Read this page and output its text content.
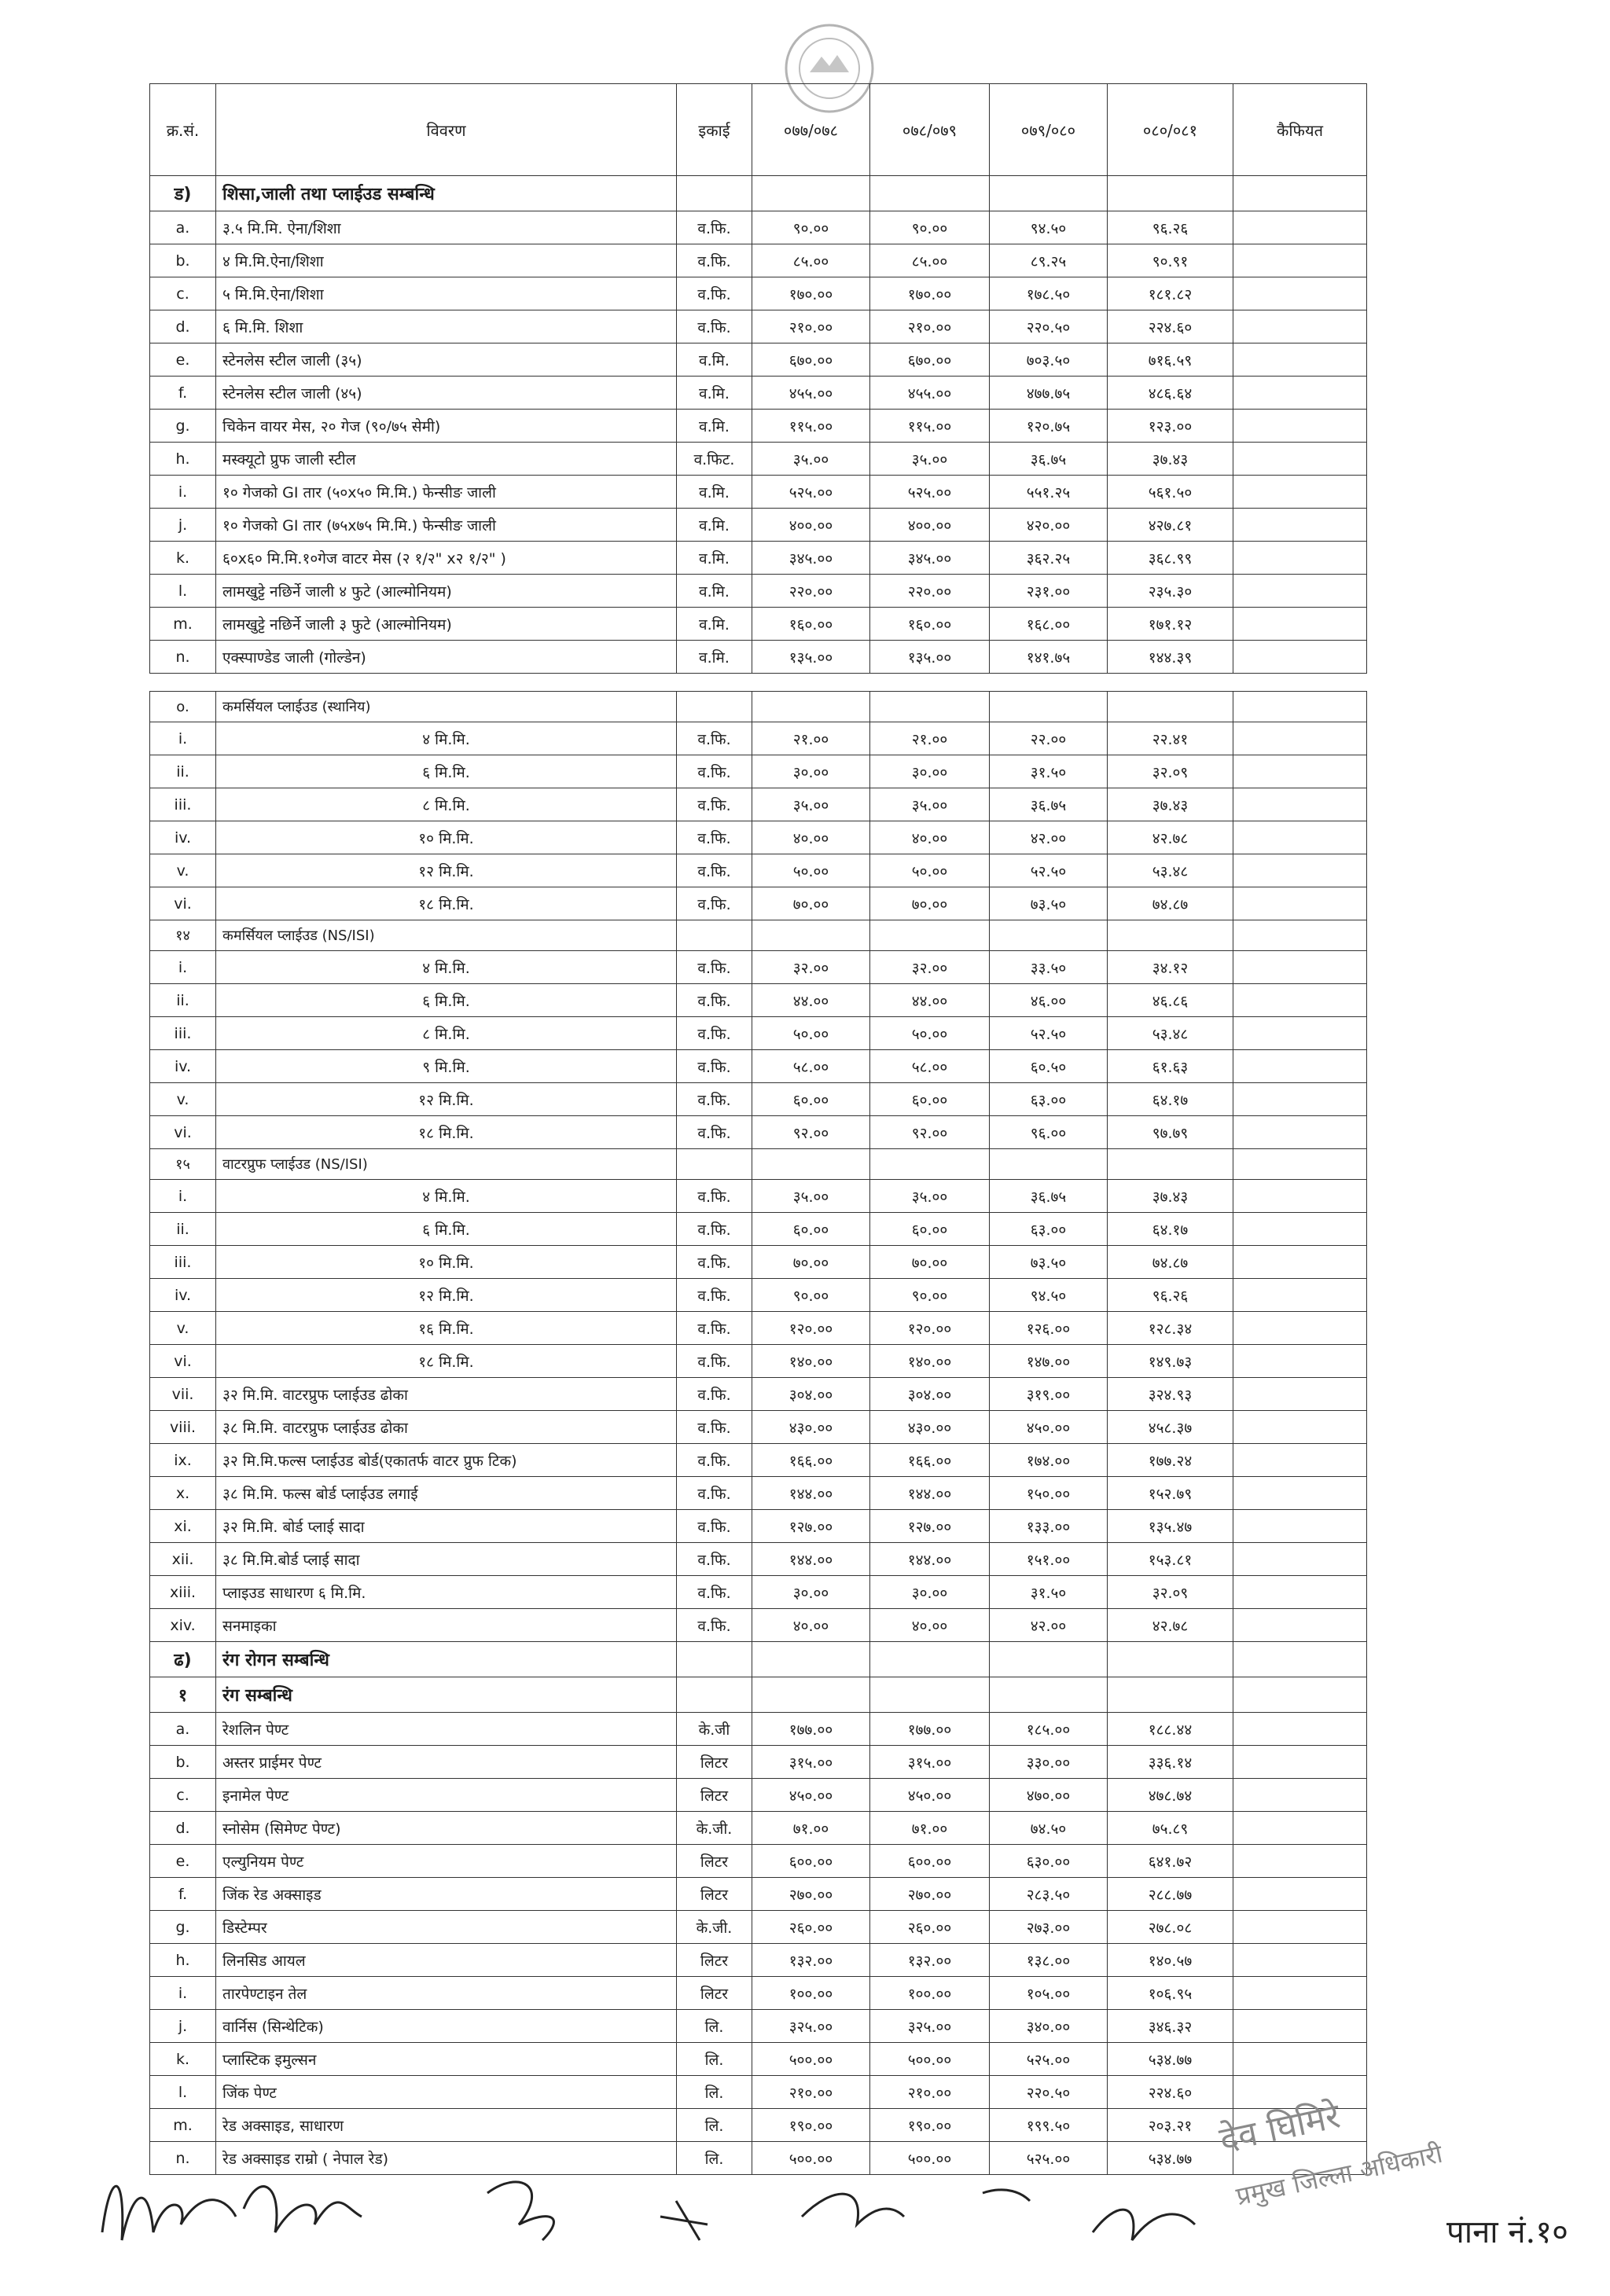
क्र.सं.	विवरण	इकाई	०७७/०७८	०७८/०७९	०७९/०८०	०८०/०८१	कैफियत
ड)	शिसा,जाली तथा प्लाईउड सम्बन्धि						
a.	३.५ मि.मि. ऐना/शिशा	व.फि.	९०.००	९०.००	९४.५०	९६.२६	
b.	४ मि.मि.ऐना/शिशा	व.फि.	८५.००	८५.००	८९.२५	९०.९१	
c.	५ मि.मि.ऐना/शिशा	व.फि.	१७०.००	१७०.००	१७८.५०	१८१.८२	
d.	६ मि.मि. शिशा	व.फि.	२१०.००	२१०.००	२२०.५०	२२४.६०	
e.	स्टेनलेस स्टील जाली (३५)	व.मि.	६७०.००	६७०.००	७०३.५०	७१६.५९	
f.	स्टेनलेस स्टील जाली (४५)	व.मि.	४५५.००	४५५.००	४७७.७५	४८६.६४	
g.	चिकेन वायर मेस, २० गेज (९०/७५ सेमी)	व.मि.	११५.००	११५.००	१२०.७५	१२३.००	
h.	मस्क्यूटो प्रुफ जाली स्टील	व.फिट.	३५.००	३५.००	३६.७५	३७.४३	
i.	१० गेजको GI तार (५०x५० मि.मि.) फेन्सीङ जाली	व.मि.	५२५.००	५२५.००	५५१.२५	५६१.५०	
j.	१० गेजको GI तार (७५x७५ मि.मि.) फेन्सीङ जाली	व.मि.	४००.००	४००.००	४२०.००	४२७.८१	
k.	६०x६० मि.मि.१०गेज वाटर मेस (२ १/२" x२ १/२" )	व.मि.	३४५.००	३४५.००	३६२.२५	३६८.९९	
l.	लामखुट्टे नछिर्ने जाली ४ फुटे (आल्मोनियम)	व.मि.	२२०.००	२२०.००	२३१.००	२३५.३०	
m.	लामखुट्टे नछिर्ने जाली ३ फुटे (आल्मोनियम)	व.मि.	१६०.००	१६०.००	१६८.००	१७१.१२	
n.	एक्स्पाण्डेड जाली (गोल्डेन)	व.मि.	१३५.००	१३५.००	१४१.७५	१४४.३९	

o.	कमर्सियल प्लाईउड (स्थानिय)						
i.	४ मि.मि.	व.फि.	२१.००	२१.००	२२.००	२२.४१	
ii.	६ मि.मि.	व.फि.	३०.००	३०.००	३१.५०	३२.०९	
iii.	८ मि.मि.	व.फि.	३५.००	३५.००	३६.७५	३७.४३	
iv.	१० मि.मि.	व.फि.	४०.००	४०.००	४२.००	४२.७८	
v.	१२ मि.मि.	व.फि.	५०.००	५०.००	५२.५०	५३.४८	
vi.	१८ मि.मि.	व.फि.	७०.००	७०.००	७३.५०	७४.८७	
१४	कमर्सियल प्लाईउड (NS/ISI)						
i.	४ मि.मि.	व.फि.	३२.००	३२.००	३३.५०	३४.१२	
ii.	६ मि.मि.	व.फि.	४४.००	४४.००	४६.००	४६.८६	
iii.	८ मि.मि.	व.फि.	५०.००	५०.००	५२.५०	५३.४८	
iv.	९ मि.मि.	व.फि.	५८.००	५८.००	६०.५०	६१.६३	
v.	१२ मि.मि.	व.फि.	६०.००	६०.००	६३.००	६४.१७	
vi.	१८ मि.मि.	व.फि.	९२.००	९२.००	९६.००	९७.७९	
१५	वाटरप्रुफ प्लाईउड (NS/ISI)						
i.	४ मि.मि.	व.फि.	३५.००	३५.००	३६.७५	३७.४३	
ii.	६ मि.मि.	व.फि.	६०.००	६०.००	६३.००	६४.१७	
iii.	१० मि.मि.	व.फि.	७०.००	७०.००	७३.५०	७४.८७	
iv.	१२ मि.मि.	व.फि.	९०.००	९०.००	९४.५०	९६.२६	
v.	१६ मि.मि.	व.फि.	१२०.००	१२०.००	१२६.००	१२८.३४	
vi.	१८ मि.मि.	व.फि.	१४०.००	१४०.००	१४७.००	१४९.७३	
vii.	३२ मि.मि. वाटरप्रुफ प्लाईउड ढोका	व.फि.	३०४.००	३०४.००	३१९.००	३२४.९३	
viii.	३८ मि.मि. वाटरप्रुफ प्लाईउड ढोका	व.फि.	४३०.००	४३०.००	४५०.००	४५८.३७	
ix.	३२ मि.मि.फल्स प्लाईउड बोर्ड(एकातर्फ वाटर प्रुफ टिक)	व.फि.	१६६.००	१६६.००	१७४.००	१७७.२४	
x.	३८ मि.मि. फल्स बोर्ड प्लाईउड लगाई	व.फि.	१४४.००	१४४.००	१५०.००	१५२.७९	
xi.	३२ मि.मि. बोर्ड प्लाई सादा	व.फि.	१२७.००	१२७.००	१३३.००	१३५.४७	
xii.	३८ मि.मि.बोर्ड प्लाई सादा	व.फि.	१४४.००	१४४.००	१५१.००	१५३.८१	
xiii.	प्लाइउड साधारण ६ मि.मि.	व.फि.	३०.००	३०.००	३१.५०	३२.०९	
xiv.	सनमाइका	व.फि.	४०.००	४०.००	४२.००	४२.७८	
ढ)	रंग रोगन सम्बन्धि						
१	रंग सम्बन्धि						
a.	रेशलिन पेण्ट	के.जी	१७७.००	१७७.००	१८५.००	१८८.४४	
b.	अस्तर प्राईमर पेण्ट	लिटर	३१५.००	३१५.००	३३०.००	३३६.१४	
c.	इनामेल पेण्ट	लिटर	४५०.००	४५०.००	४७०.००	४७८.७४	
d.	स्नोसेम (सिमेण्ट पेण्ट)	के.जी.	७१.००	७१.००	७४.५०	७५.८९	
e.	एल्युनियम पेण्ट	लिटर	६००.००	६००.००	६३०.००	६४१.७२	
f.	जिंक रेड अक्साइड	लिटर	२७०.००	२७०.००	२८३.५०	२८८.७७	
g.	डिस्टेम्पर	के.जी.	२६०.००	२६०.००	२७३.००	२७८.०८	
h.	लिनसिड आयल	लिटर	१३२.००	१३२.००	१३८.००	१४०.५७	
i.	तारपेण्टाइन तेल	लिटर	१००.००	१००.००	१०५.००	१०६.९५	
j.	वार्निस (सिन्थेटिक)	लि.	३२५.००	३२५.००	३४०.००	३४६.३२	
k.	प्लास्टिक इमुल्सन	लि.	५००.००	५००.००	५२५.००	५३४.७७	
l.	जिंक पेण्ट	लि.	२१०.००	२१०.००	२२०.५०	२२४.६०	
m.	रेड अक्साइड, साधारण	लि.	१९०.००	१९०.००	१९९.५०	२०३.२१	
n.	रेड अक्साइड राम्रो ( नेपाल रेड)	लि.	५००.००	५००.००	५२५.००	५३४.७७	देव घिमिरे
प्रमुख जिल्ला अधिकारी
पाना नं.१०
